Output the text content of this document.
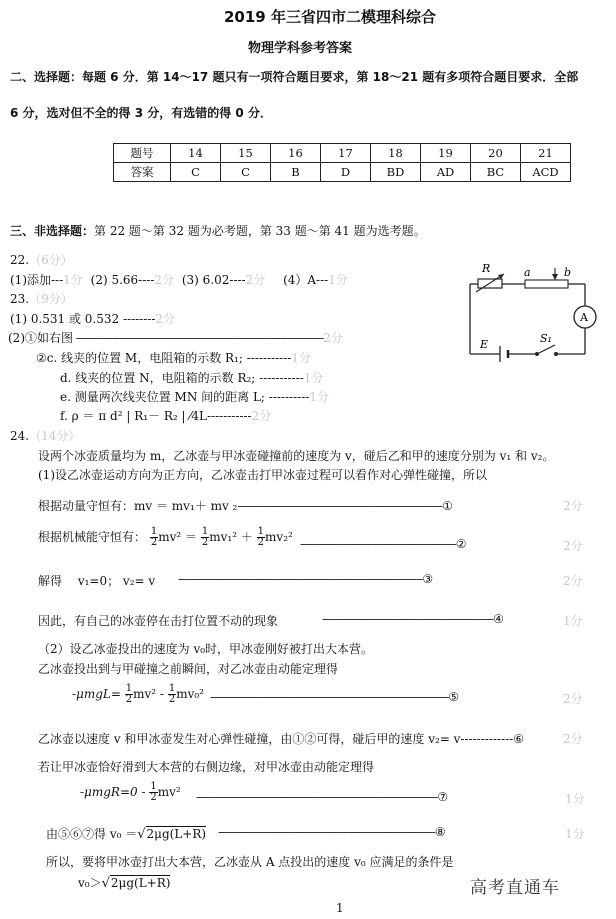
2019 年三省四市二模理科综合
物理学科参考答案
二、选择题：每题 6 分．第 14～17 题只有一项符合题目要求，第 18～21 题有多项符合题目要求．全部
6 分，选对但不全的得 3 分，有选错的得 0 分．
题号	14	15	16	17	18	19	20	21
答案	C	C	B	D	BD	AD	BC	ACD
三、非选择题：第 22 题～第 32 题为必考题，第 33 题～第 41 题为选考题。
22.（6分）
(1)添加---1分 (2) 5.66----2分 (3) 6.02----2分 (4）A---1分
23.（9分）
(1) 0.531 或 0.532 --------2分
(2)①如右图 ---------------------------------------------------------------------------------2分
②c. 线夹的位置 M，电阻箱的示数 R₁; -----------1分
d. 线夹的位置 N，电阻箱的示数 R₂; -----------1分
e. 测量两次线夹位置 MN 间的距离 L; ----------1分
f. ρ ＝ π d² | R₁－ R₂ | ⁄4L-----------2分
R	a	b
A
E	S₁
24.（14分）
设两个冰壶质量均为 m，乙冰壶与甲冰壶碰撞前的速度为 v，碰后乙和甲的速度分别为 v₁ 和 v₂。
(1)设乙冰壶运动方向为正方向，乙冰壶击打甲冰壶过程可以看作对心弹性碰撞，所以
根据动量守恒有：mv ＝ mv₁＋ mv ₂-------------------------------------------------------------------①	2分
根据机械能守恒有： $\frac{1}{2} mv^2 = \frac{1}{2} mv_1^2 + \frac{1}{2} mv_2^2$ ---------------------------------------------------②	2分
解得　 v₁=0； v₂= v --------------------------------------------------------------------------------③	2分
因此，有自己的冰壶停在击打位置不动的现象	--------------------------------------------------------④	1分
（2）设乙冰壶投出的速度为 v₀时，甲冰壶刚好被打出大本营。
乙冰壶投出到与甲碰撞之前瞬间，对乙冰壶由动能定理得
$-\mu mgL= \frac{1}{2} mv^2 - \frac{1}{2} mv_0^2$ ------------------------------------------------------------------------------⑤	2分
乙冰壶以速度 v 和甲冰壶发生对心弹性碰撞，由①②可得，碰后甲的速度 v₂= v-------------⑥	2分
若让甲冰壶恰好滑到大本营的右侧边缘，对甲冰壶由动能定理得
$-\mu mgR=0 - \frac{1}{2} mv^2$ -------------------------------------------------------------------------------⑦	1分
由⑤⑥⑦得 v₀ ＝√2μg(L+R) -----------------------------------------------------------------------⑧	1分
所以，要将甲冰壶打出大本营，乙冰壶从 A 点投出的速度 v₀ 应满足的条件是
v₀＞√2μg(L+R)	高考直通车
1
